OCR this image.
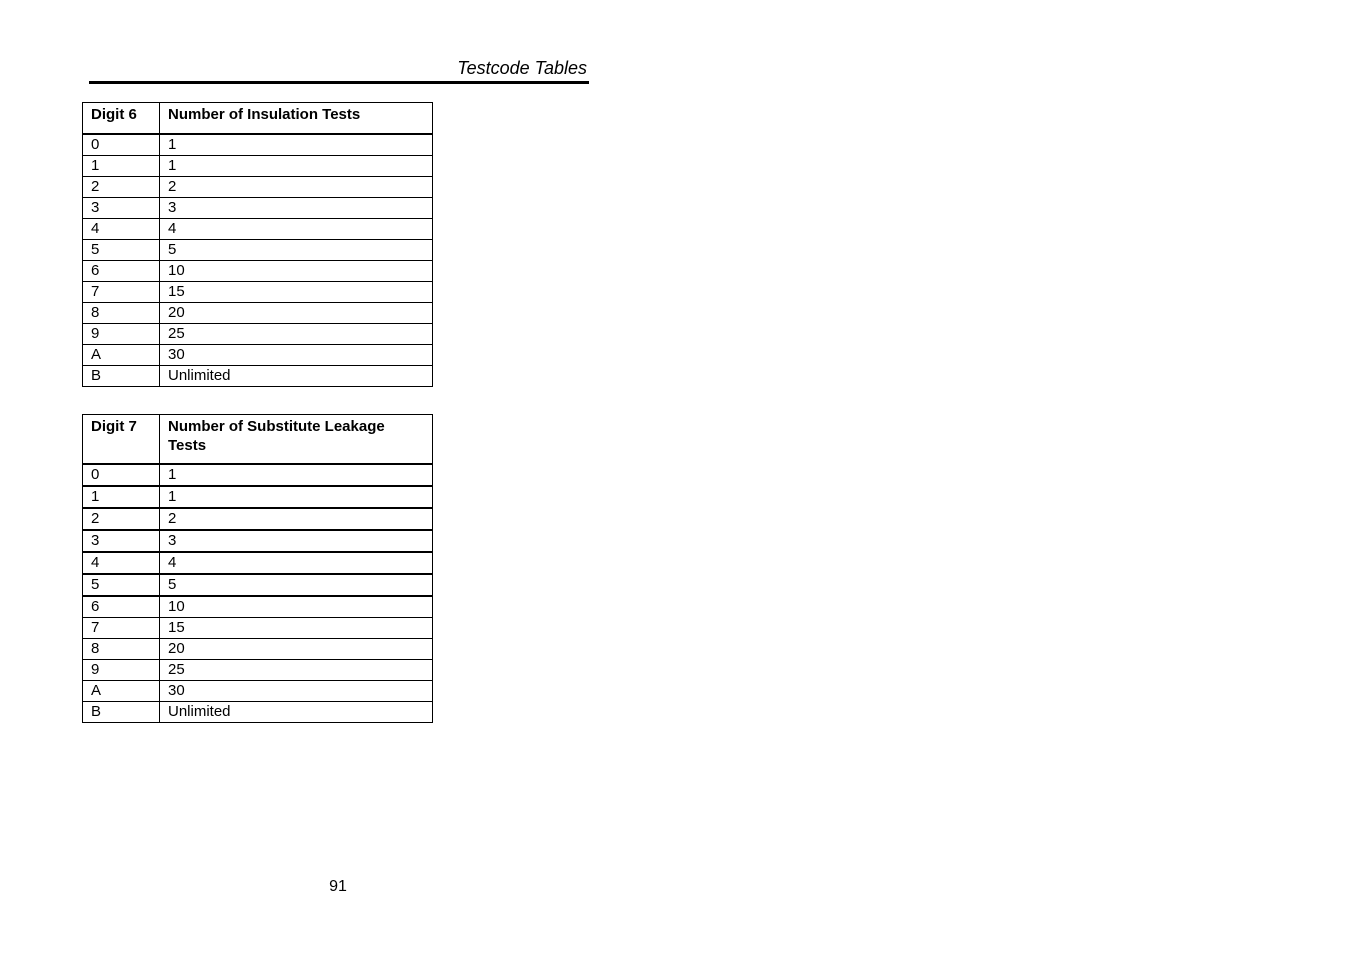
Testcode Tables
Digit 6	Number of Insulation Tests
0	1
1	1
2	2
3	3
4	4
5	5
6	10
7	15
8	20
9	25
A	30
B	Unlimited
Digit 7	Number of Substitute Leakage Tests
0	1
1	1
2	2
3	3
4	4
5	5
6	10
7	15
8	20
9	25
A	30
B	Unlimited
91
